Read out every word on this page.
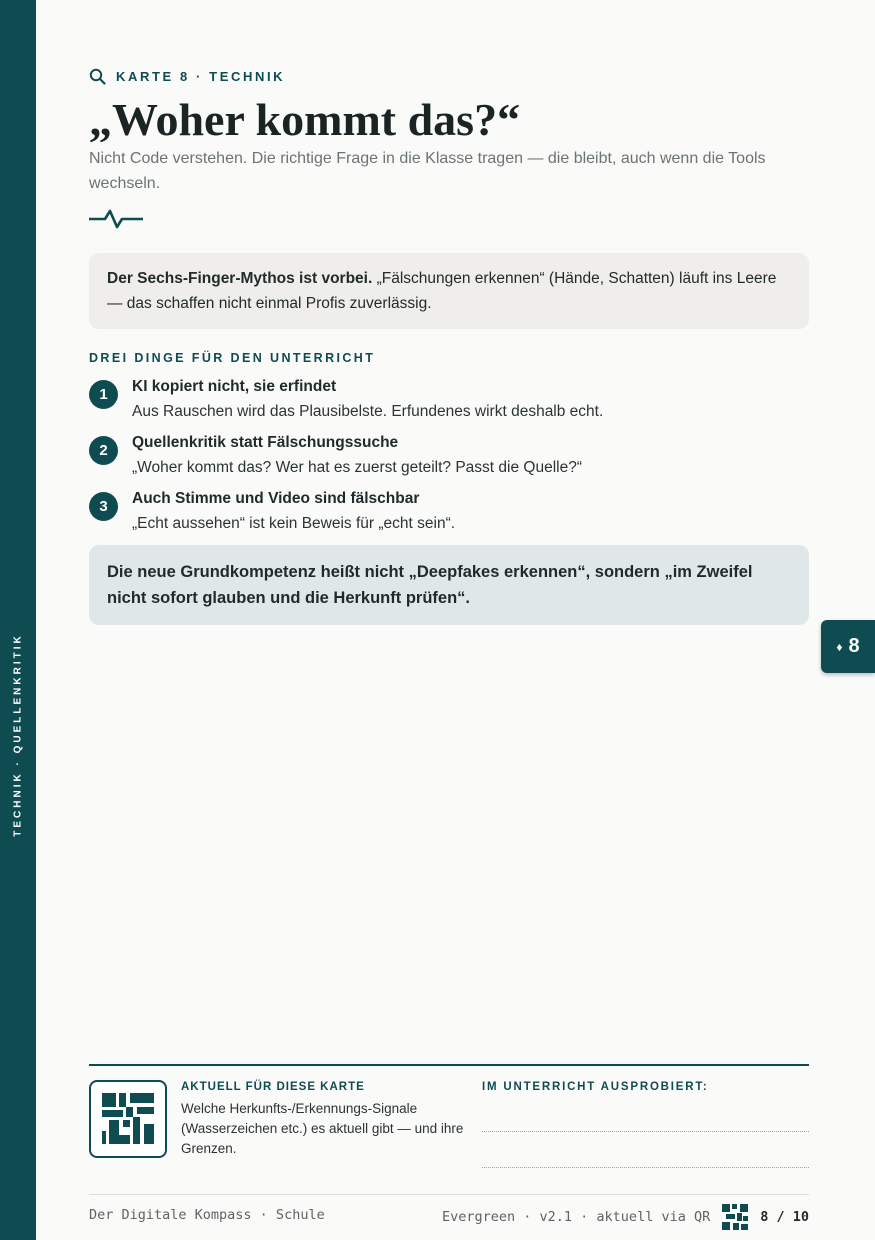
TECHNIK · QUELLENKRITIK	♦ 8
KARTE 8 · TECHNIK
„Woher kommt das?“

Nicht Code verstehen. Die richtige Frage in die Klasse tragen — die bleibt, auch wenn die Tools wechseln.

Der Sechs-Finger-Mythos ist vorbei. „Fälschungen erkennen“ (Hände, Schatten) läuft ins Leere — das schaffen nicht einmal Profis zuverlässig.
DREI DINGE FÜR DEN UNTERRICHT
1	KI kopiert nicht, sie erfindet
Aus Rauschen wird das Plausibelste. Erfundenes wirkt deshalb echt.
2	Quellenkritik statt Fälschungssuche
„Woher kommt das? Wer hat es zuerst geteilt? Passt die Quelle?“
3	Auch Stimme und Video sind fälschbar
„Echt aussehen“ ist kein Beweis für „echt sein“.
Die neue Grundkompetenz heißt nicht „Deepfakes erkennen“, sondern „im Zweifel nicht sofort glauben und die Herkunft prüfen“.
AKTUELL FÜR DIESE KARTE
Welche Herkunfts-/Erkennungs-Signale (Wasserzeichen etc.) es aktuell gibt — und ihre Grenzen.
IM UNTERRICHT AUSPROBIERT:
Der Digitale Kompass · Schule	Evergreen · v2.1 · aktuell via QR	8 / 10
